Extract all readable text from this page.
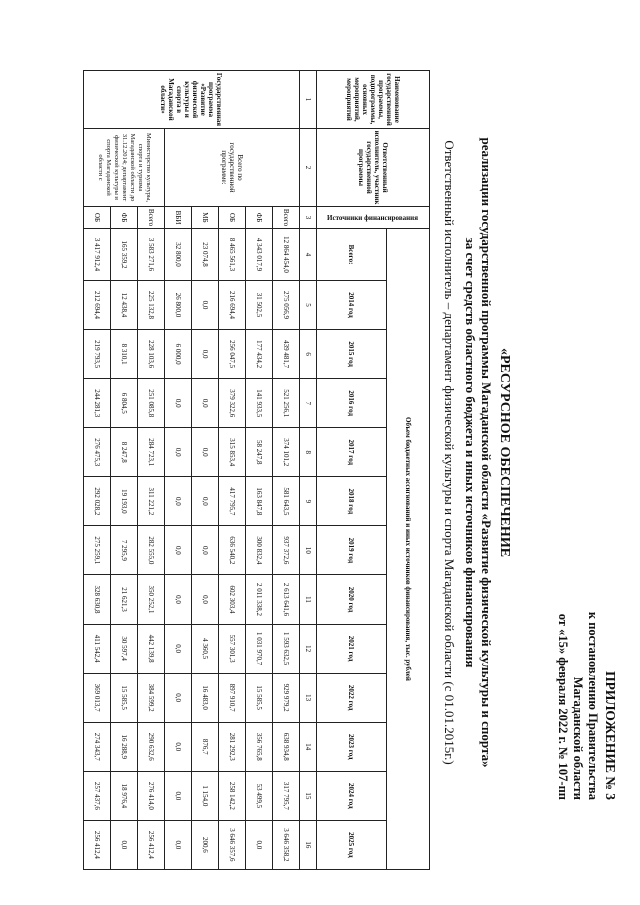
ПРИЛОЖЕНИЕ № 3
к постановлению Правительства
Магаданской области
от «15» февраля 2022 г. № 107-пп
«РЕСУРСНОЕ ОБЕСПЕЧЕНИЕ
реализации государственной программы Магаданской области «Развитие физической культуры и спорта»
за счет средств областного бюджета и иных источников финансирования
Ответственный исполнитель – департамент физической культуры и спорта Магаданской области (с 01.01.2015г.)
Наименование государственной программы, подпрограммы, основных мероприятий, мероприятий	Ответственный исполнитель, участник государственной программы	Источники финансирования	Объем бюджетных ассигнований и иных источников финансирования, тыс. рублей												
			Всего:	2014 год	2015 год	2016 год	2017 год	2018 год	2019 год	2020 год	2021 год	2022 год	2023 год	2024 год	2025 год
1	2	3	4	5	6	7	8	9	10	11	12	13	14	15	16
Государственная программа «Развитие физической культуры и спорта в Магаданской области»	Всего по государственной программе:	Всего	12 864 454,0	275 056,9	439 481,7	521 256,1	374 101,2	581 643,5	937 372,6	2 613 641,6	1 593 632,5	929 979,2	638 934,8	317 795,7	3 646 358,2
		ФБ	4 343 017,9	31 502,5	177 434,2	141 933,5	58 247,8	163 847,8	300 832,4	2 011 338,2	1 031 970,7	15 585,5	356 765,8	53 499,5	0,0
		ОБ	8 465 561,3	216 694,4	256 047,5	379 322,6	315 853,4	417 795,7	636 540,2	602 303,4	557 301,3	897 910,7	281 292,3	258 142,2	3 646 357,6
		МБ	23 074,8	0,0	0,0	0,0	0,0	0,0	0,0	0,0	4 360,5	16 483,0	876,7	1 154,0	200,6
		ВБИ	32 800,0	26 800,0	6 000,0	0,0	0,0	0,0	0,0	0,0	0,0	0,0	0,0	0,0	0,0
	Министерство культуры, спорта и туризма Магаданской области до 31.12.2014; департамент физической культуры и спорта Магаданской области с	Всего	3 583 271,6	225 132,8	228 103,6	251 085,8	284 723,1	311 221,2	282 555,0	350 252,1	442 139,8	384 599,2	290 632,6	276 414,0	256 412,4
		ФБ	165 359,2	12 438,4	8 310,1	6 804,5	8 247,8	19 193,0	7 295,9	21 621,3	30 597,4	15 585,5	16 288,9	18 976,4	0,0
		ОБ	3 417 912,4	212 694,4	219 793,5	244 281,3	276 475,3	292 028,2	275 259,1	328 630,8	411 542,4	369 013,7	274 343,7	257 437,6	256 412,4
